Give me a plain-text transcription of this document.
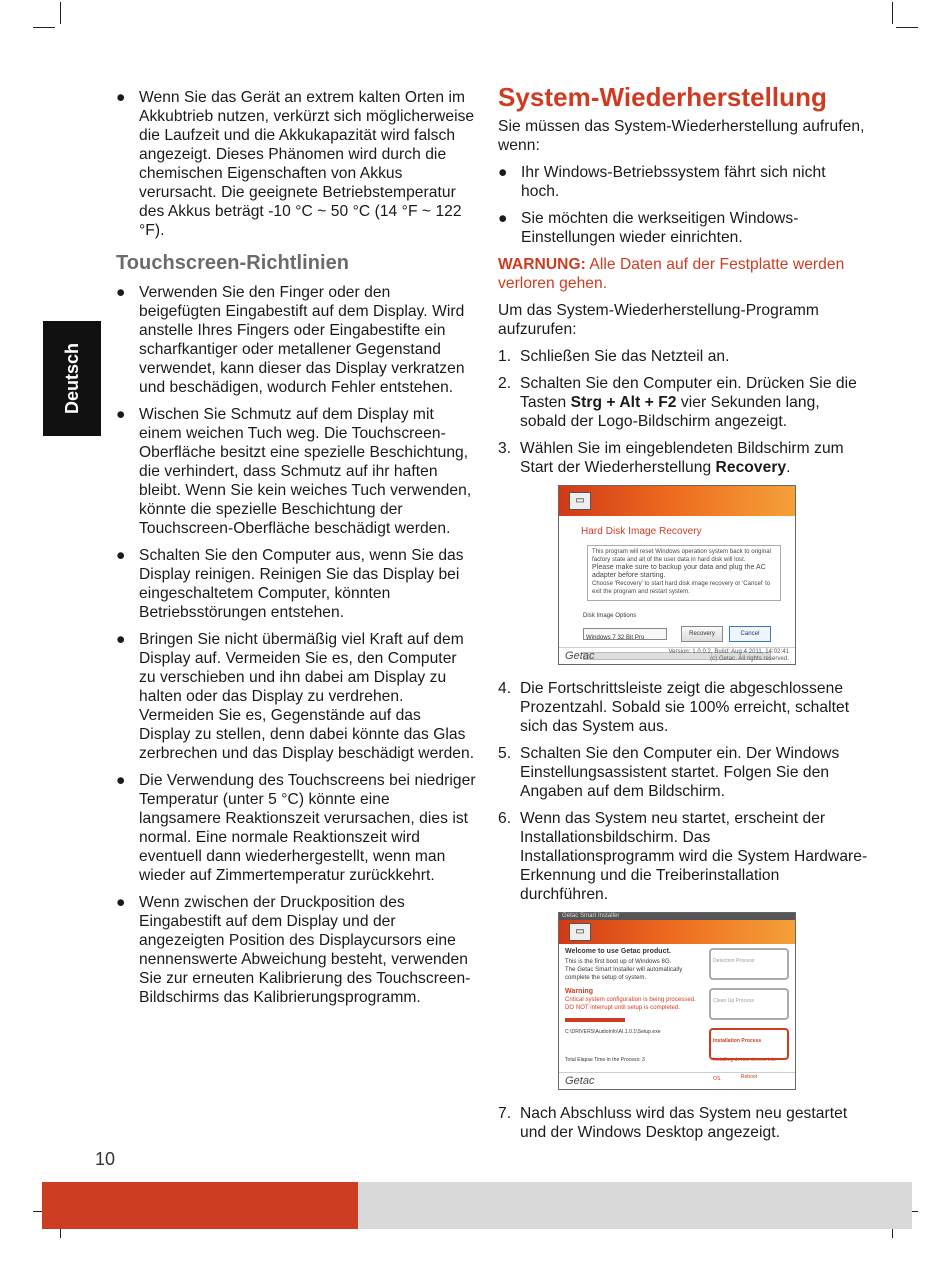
Deutsch
● Wenn Sie das Gerät an extrem kalten Orten im Akkubtrieb nutzen, verkürzt sich möglicherweise die Laufzeit und die Akkukapazität wird falsch angezeigt. Dieses Phänomen wird durch die chemischen Eigenschaften von Akkus verursacht. Die geeignete Betriebstemperatur des Akkus beträgt -10 °C ~ 50 °C (14 °F ~ 122 °F).
Touchscreen-Richtlinien
● Verwenden Sie den Finger oder den beigefügten Eingabestift auf dem Display. Wird anstelle Ihres Fingers oder Eingabestifte ein scharfkantiger oder metallener Gegenstand verwendet, kann dieser das Display verkratzen und beschädigen, wodurch Fehler entstehen.
● Wischen Sie Schmutz auf dem Display mit einem weichen Tuch weg. Die Touchscreen-Oberfläche besitzt eine spezielle Beschichtung, die verhindert, dass Schmutz auf ihr haften bleibt. Wenn Sie kein weiches Tuch verwenden, könnte die spezielle Beschichtung der Touchscreen-Oberfläche beschädigt werden.
● Schalten Sie den Computer aus, wenn Sie das Display reinigen. Reinigen Sie das Display bei eingeschaltetem Computer, könnten Betriebsstörungen entstehen.
● Bringen Sie nicht übermäßig viel Kraft auf dem Display auf. Vermeiden Sie es, den Computer zu verschieben und ihn dabei am Display zu halten oder das Display zu verdrehen. Vermeiden Sie es, Gegenstände auf das Display zu stellen, denn dabei könnte das Glas zerbrechen und das Display beschädigt werden.
● Die Verwendung des Touchscreens bei niedriger Temperatur (unter 5 °C) könnte eine langsamere Reaktionszeit verursachen, dies ist normal. Eine normale Reaktionszeit wird eventuell dann wiederhergestellt, wenn man wieder auf Zimmertemperatur zurückkehrt.
● Wenn zwischen der Druckposition des Eingabestift auf dem Display und der angezeigten Position des Displaycursors eine nennenswerte Abweichung besteht, verwenden Sie zur erneuten Kalibrierung des Touchscreen-Bildschirms das Kalibrierungsprogramm.
System-Wiederherstellung

Sie müssen das System-Wiederherstellung aufrufen, wenn:

● Ihr Windows-Betriebssystem fährt sich nicht hoch.
● Sie möchten die werkseitigen Windows-Einstellungen wieder einrichten.

WARNUNG: Alle Daten auf der Festplatte werden verloren gehen.

Um das System-Wiederherstellung-Programm aufzurufen:

1. Schließen Sie das Netzteil an.
2. Schalten Sie den Computer ein. Drücken Sie die Tasten Strg + Alt + F2 vier Sekunden lang, sobald der Logo-Bildschirm angezeigt.
3. Wählen Sie im eingeblendeten Bildschirm zum Start der Wiederherstellung Recovery.
▭
Hard Disk Image Recovery
This program will reset Windows operation system back to original factory state and all of the user data in hard disk will lost.
Please make sure to backup your data and plug the AC adapter before starting.
Choose 'Recovery' to start hard disk image recovery or 'Cancel' to exit the program and restart system.
Disk Image Options
Windows 7 32 Bit Pro
Recovery	Cancel
Getac	Version: 1.0.0.2, Build: Aug 4 2011, 14:02:41
(c) Getac. All rights reserved.
4. Die Fortschrittsleiste zeigt die abgeschlossene Prozentzahl. Sobald sie 100% erreicht, schaltet sich das System aus.
5. Schalten Sie den Computer ein. Der Windows Einstellungsassistent startet. Folgen Sie den Angaben auf dem Bildschirm.
6. Wenn das System neu startet, erscheint der Installationsbildschirm. Das Installationsprogramm wird die System Hardware-Erkennung und die Treiberinstallation durchführen.
Getac Smart Installer
▭
Welcome to use Getac product.
This is the first boot up of Windows 8G.
The Getac Smart Installer will automatically complete the setup of system.
Warning
Critical system configuration is being processed.
DO NOT interrupt until setup is completed.
C:\DRIVERS\AudioInfo\AI.1.0.1\Setup.exe
Total Elapse Time in the Process: 3
Detection Process
Clean Up Process
Installation Process
Installing device drivers into OS.	Reboot
Getac
7. Nach Abschluss wird das System neu gestartet und der Windows Desktop angezeigt.
10
